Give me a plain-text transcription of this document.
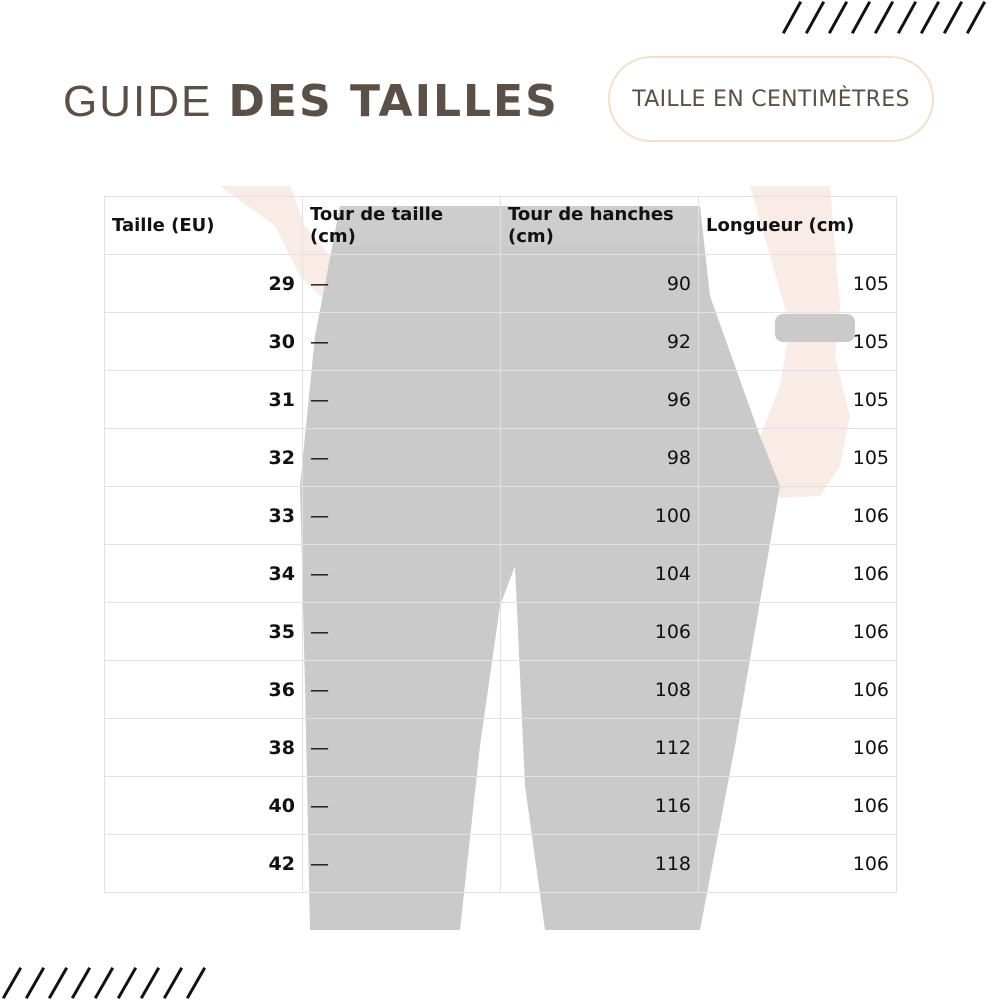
GUIDE DES TAILLES	TAILLE EN CENTIMÈTRES
Taille (EU)	Tour de taille (cm)	Tour de hanches (cm)	Longueur (cm)
29	—	90	105
30	—	92	105
31	—	96	105
32	—	98	105
33	—	100	106
34	—	104	106
35	—	106	106
36	—	108	106
38	—	112	106
40	—	116	106
42	—	118	106
